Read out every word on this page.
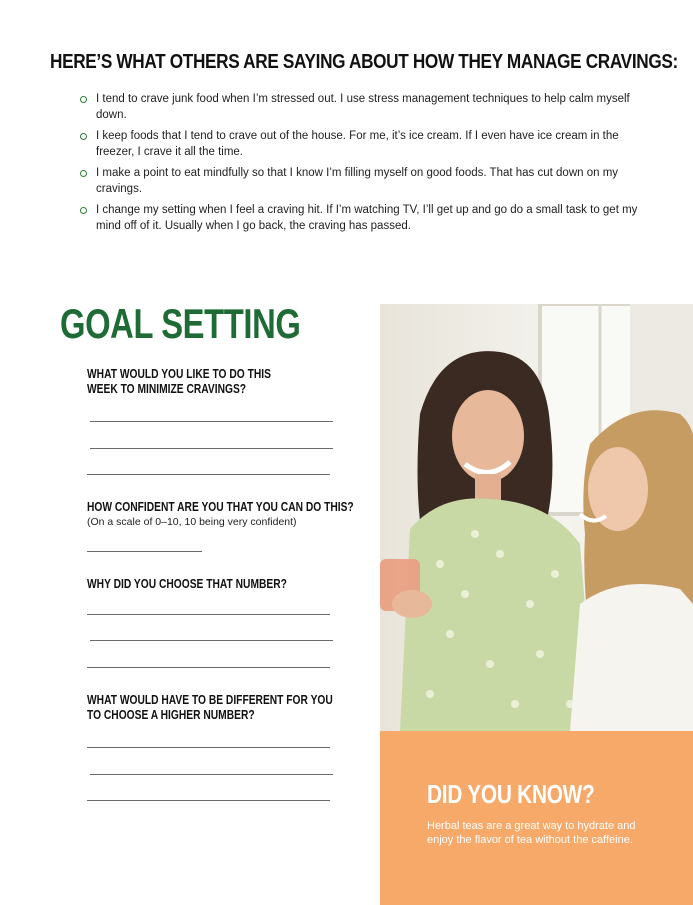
HERE’S WHAT OTHERS ARE SAYING ABOUT HOW THEY MANAGE CRAVINGS:
I tend to crave junk food when I’m stressed out. I use stress management techniques to help calm myself down.
I keep foods that I tend to crave out of the house. For me, it’s ice cream. If I even have ice cream in the freezer, I crave it all the time.
I make a point to eat mindfully so that I know I’m filling myself on good foods. That has cut down on my cravings.
I change my setting when I feel a craving hit. If I’m watching TV, I’ll get up and go do a small task to get my mind off of it. Usually when I go back, the craving has passed.
GOAL SETTING

WHAT WOULD YOU LIKE TO DO THIS WEEK TO MINIMIZE CRAVINGS?

HOW CONFIDENT ARE YOU THAT YOU CAN DO THIS?

(On a scale of 0–10, 10 being very confident)

WHY DID YOU CHOOSE THAT NUMBER?

WHAT WOULD HAVE TO BE DIFFERENT FOR YOU TO CHOOSE A HIGHER NUMBER?

DID YOU KNOW?
Herbal teas are a great way to hydrate and enjoy the flavor of tea without the caffeine.
